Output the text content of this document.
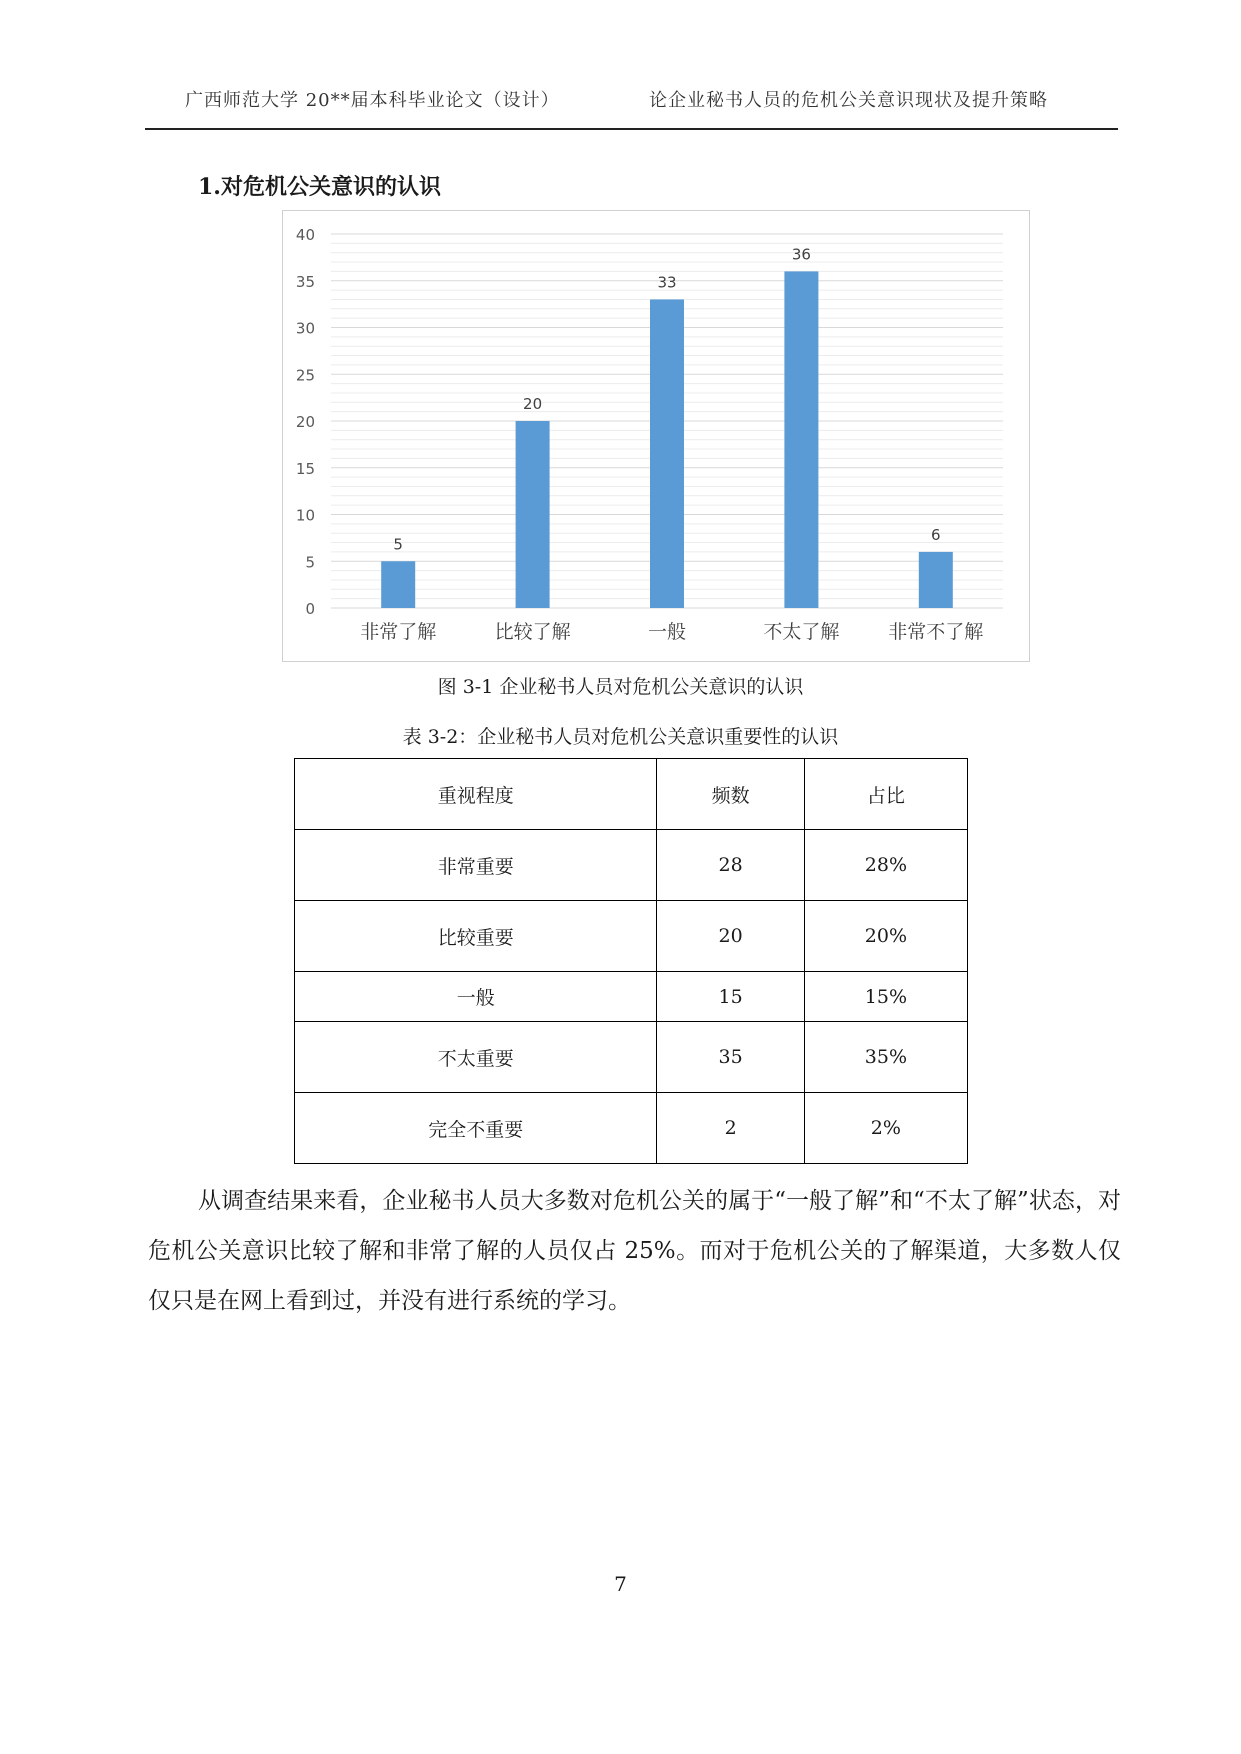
广西师范大学 20**届本科毕业论文（设计）	论企业秘书人员的危机公关意识现状及提升策略
1.对危机公关意识的认识
0
5
10
15
20
25
30
35
40
5
非常了解
20
比较了解
33
一般
36
不太了解
6
非常不了解
图 3-1 企业秘书人员对危机公关意识的认识
表 3-2：企业秘书人员对危机公关意识重要性的认识
重视程度	频数	占比
非常重要	28	28%
比较重要	20	20%
一般	15	15%
不太重要	35	35%
完全不重要	2	2%
从调查结果来看，企业秘书人员大多数对危机公关的属于“一般了解”和“不太了解”状态，对危机公关意识比较了解和非常了解的人员仅占 25%。而对于危机公关的了解渠道，大多数人仅仅只是在网上看到过，并没有进行系统的学习。
7
